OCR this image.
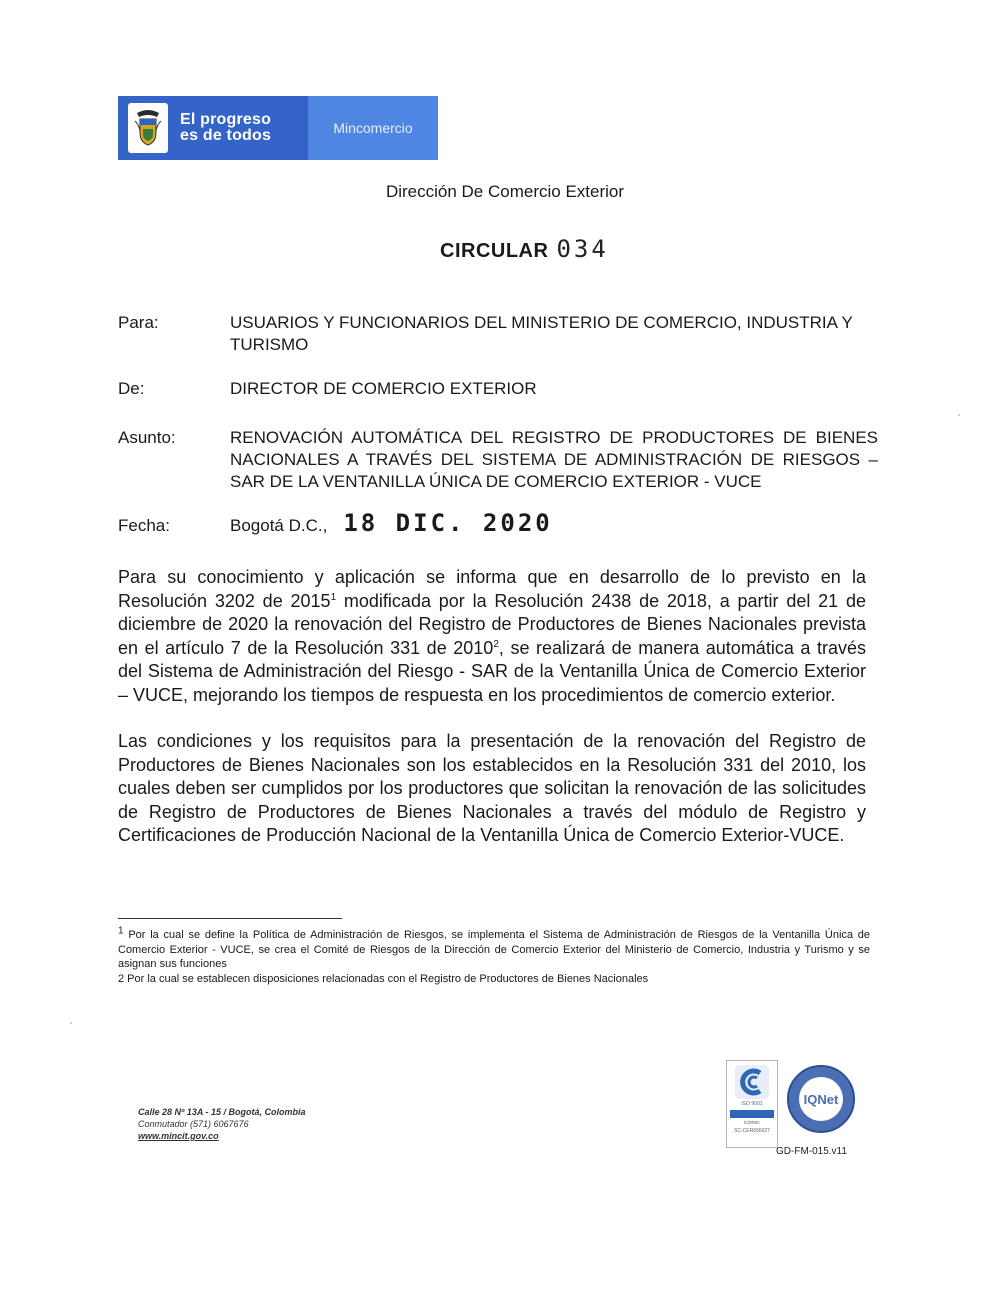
El progreso
es de todos	Mincomercio
Dirección De Comercio Exterior
CIRCULAR 034
Para:	USUARIOS Y FUNCIONARIOS DEL MINISTERIO DE COMERCIO, INDUSTRIA Y TURISMO
De:	DIRECTOR DE COMERCIO EXTERIOR
Asunto:	RENOVACIÓN AUTOMÁTICA DEL REGISTRO DE PRODUCTORES DE BIENES NACIONALES A TRAVÉS DEL SISTEMA DE ADMINISTRACIÓN DE RIESGOS – SAR DE LA VENTANILLA ÚNICA DE COMERCIO EXTERIOR - VUCE
Fecha:	Bogotá D.C., 18 DIC. 2020
Para su conocimiento y aplicación se informa que en desarrollo de lo previsto en la Resolución 3202 de 2015$^1$ modificada por la Resolución 2438 de 2018, a partir del 21 de diciembre de 2020 la renovación del Registro de Productores de Bienes Nacionales prevista en el artículo 7 de la Resolución 331 de 2010$^2$, se realizará de manera automática a través del Sistema de Administración del Riesgo - SAR de la Ventanilla Única de Comercio Exterior – VUCE, mejorando los tiempos de respuesta en los procedimientos de comercio exterior.
Las condiciones y los requisitos para la presentación de la renovación del Registro de Productores de Bienes Nacionales son los establecidos en la Resolución 331 del 2010, los cuales deben ser cumplidos por los productores que solicitan la renovación de las solicitudes de Registro de Productores de Bienes Nacionales a través del módulo de Registro y Certificaciones de Producción Nacional de la Ventanilla Única de Comercio Exterior-VUCE.

$^1$ Por la cual se define la Política de Administración de Riesgos, se implementa el Sistema de Administración de Riesgos de la Ventanilla Única de Comercio Exterior - VUCE, se crea el Comité de Riesgos de la Dirección de Comercio Exterior del Ministerio de Comercio, Industria y Turismo y se asignan sus funciones

2 Por la cual se establecen disposiciones relacionadas con el Registro de Productores de Bienes Nacionales

Calle 28 Nº 13A - 15 / Bogotá, Colombia
Conmutador (571) 6067676
www.mincit.gov.co
ISO 9001
icontec
SC-CER656627
IQNet
GD-FM-015.v11
